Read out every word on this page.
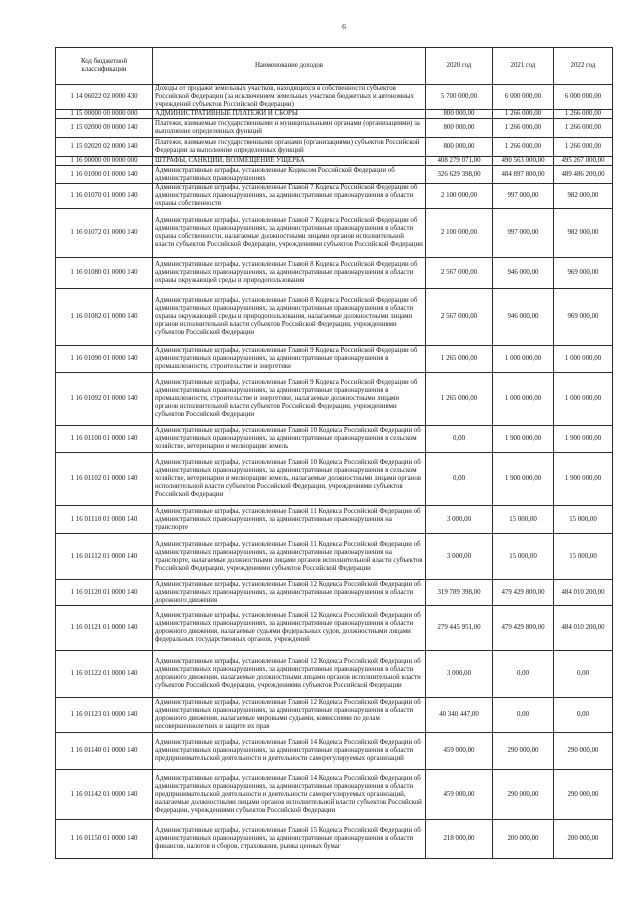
6
Код бюджетной классификации	Наименование доходов	2020 год	2021 год	2022 год
1 14 06022 02 0000 430	Доходы от продажи земельных участков, находящихся в собственности субъектов Российской Федерации (за исключением земельных участков бюджетных и автономных учреждений субъектов Российской Федерации)	5 700 000,00	6 000 000,00	6 000 000,00
1 15 00000 00 0000 000	АДМИНИСТРАТИВНЫЕ ПЛАТЕЖИ И СБОРЫ	800 000,00	1 266 000,00	1 266 000,00
1 15 02000 00 0000 140	Платежи, взимаемые государственными и муниципальными органами (организациями) за выполнение определенных функций	800 000,00	1 266 000,00	1 266 000,00
1 15 02020 02 0000 140	Платежи, взимаемые государственными органами (организациями) субъектов Российской Федерации за выполнение определенных функций	800 000,00	1 266 000,00	1 266 000,00
1 16 00000 00 0000 000	ШТРАФЫ, САНКЦИИ, ВОЗМЕЩЕНИЕ УЩЕРБА	408 279 071,00	490 563 000,00	495 267 000,00
1 16 01000 01 0000 140	Административные штрафы, установленные Кодексом Российской Федерации об административных правонарушениях	326 629 398,00	484 897 800,00	489 486 200,00
1 16 01070 01 0000 140	Административные штрафы, установленные Главой 7 Кодекса Российской Федерации об административных правонарушениях, за административные правонарушения в области охраны собственности	2 100 000,00	997 000,00	982 000,00
1 16 01072 01 0000 140	Административные штрафы, установленные Главой 7 Кодекса Российской Федерации об административных правонарушениях, за административные правонарушения в области охраны собственности, налагаемые должностными лицами органов исполнительной власти субъектов Российской Федерации, учреждениями субъектов Российской Федерации	2 100 000,00	997 000,00	982 000,00
1 16 01080 01 0000 140	Административные штрафы, установленные Главой 8 Кодекса Российской Федерации об административных правонарушениях, за административные правонарушения в области охраны окружающей среды и природопользования	2 567 000,00	946 000,00	969 000,00
1 16 01082 01 0000 140	Административные штрафы, установленные Главой 8 Кодекса Российской Федерации об административных правонарушениях, за административные правонарушения в области охраны окружающей среды и природопользования, налагаемые должностными лицами органов исполнительной власти субъектов Российской Федерации, учреждениями субъектов Российской Федерации	2 567 000,00	946 000,00	969 000,00
1 16 01090 01 0000 140	Административные штрафы, установленные Главой 9 Кодекса Российской Федерации об административных правонарушениях, за административные правонарушения в промышленности, строительстве и энергетике	1 265 000,00	1 000 000,00	1 000 000,00
1 16 01092 01 0000 140	Административные штрафы, установленные Главой 9 Кодекса Российской Федерации об административных правонарушениях, за административные правонарушения в промышленности, строительстве и энергетике, налагаемые должностными лицами органов исполнительной власти субъектов Российской Федерации, учреждениями субъектов Российской Федерации	1 265 000,00	1 000 000,00	1 000 000,00
1 16 01100 01 0000 140	Административные штрафы, установленные Главой 10 Кодекса Российской Федерации об административных правонарушениях, за административные правонарушения в сельском хозяйстве, ветеринарии и мелиорации земель	0,00	1 900 000,00	1 900 000,00
1 16 01102 01 0000 140	Административные штрафы, установленные Главой 10 Кодекса Российской Федерации об административных правонарушениях, за административные правонарушения в сельском хозяйстве, ветеринарии и мелиорации земель, налагаемые должностными лицами органов исполнительной власти субъектов Российской Федерации, учреждениями субъектов Российской Федерации	0,00	1 900 000,00	1 900 000,00
1 16 01110 01 0000 140	Административные штрафы, установленные Главой 11 Кодекса Российской Федерации об административных правонарушениях, за административные правонарушения на транспорте	3 000,00	15 000,00	15 000,00
1 16 01112 01 0000 140	Административные штрафы, установленные Главой 11 Кодекса Российской Федерации об административных правонарушениях, за административные правонарушения на транспорте, налагаемые должностными лицами органов исполнительной власти субъектов Российской Федерации, учреждениями субъектов Российской Федерации	3 000,00	15 000,00	15 000,00
1 16 01120 01 0000 140	Административные штрафы, установленные Главой 12 Кодекса Российской Федерации об административных правонарушениях, за административные правонарушения в области дорожного движения	319 789 398,00	479 429 800,00	484 010 200,00
1 16 01121 01 0000 140	Административные штрафы, установленные Главой 12 Кодекса Российской Федерации об административных правонарушениях, за административные правонарушения в области дорожного движения, налагаемые судьями федеральных судов, должностными лицами федеральных государственных органов, учреждений	279 445 951,00	479 429 800,00	484 010 200,00
1 16 01122 01 0000 140	Административные штрафы, установленные Главой 12 Кодекса Российской Федерации об административных правонарушениях, за административные правонарушения в области дорожного движения, налагаемые должностными лицами органов исполнительной власти субъектов Российской Федерации, учреждениями субъектов Российской Федерации	3 000,00	0,00	0,00
1 16 01123 01 0000 140	Административные штрафы, установленные Главой 12 Кодекса Российской Федерации об административных правонарушениях, за административные правонарушения в области дорожного движения, налагаемые мировыми судьями, комиссиями по делам несовершеннолетних и защите их прав	40 340 447,00	0,00	0,00
1 16 01140 01 0000 140	Административные штрафы, установленные Главой 14 Кодекса Российской Федерации об административных правонарушениях, за административные правонарушения в области предпринимательской деятельности и деятельности саморегулируемых организаций	459 000,00	290 000,00	290 000,00
1 16 01142 01 0000 140	Административные штрафы, установленные Главой 14 Кодекса Российской Федерации об административных правонарушениях, за административные правонарушения в области предпринимательской деятельности и деятельности саморегулируемых организаций, налагаемые должностными лицами органов исполнительной власти субъектов Российской Федерации, учреждениями субъектов Российской Федерации	459 000,00	290 000,00	290 000,00
1 16 01150 01 0000 140	Административные штрафы, установленные Главой 15 Кодекса Российской Федерации об административных правонарушениях, за административные правонарушения в области финансов, налогов и сборов, страхования, рынка ценных бумаг	218 000,00	200 000,00	200 000,00
